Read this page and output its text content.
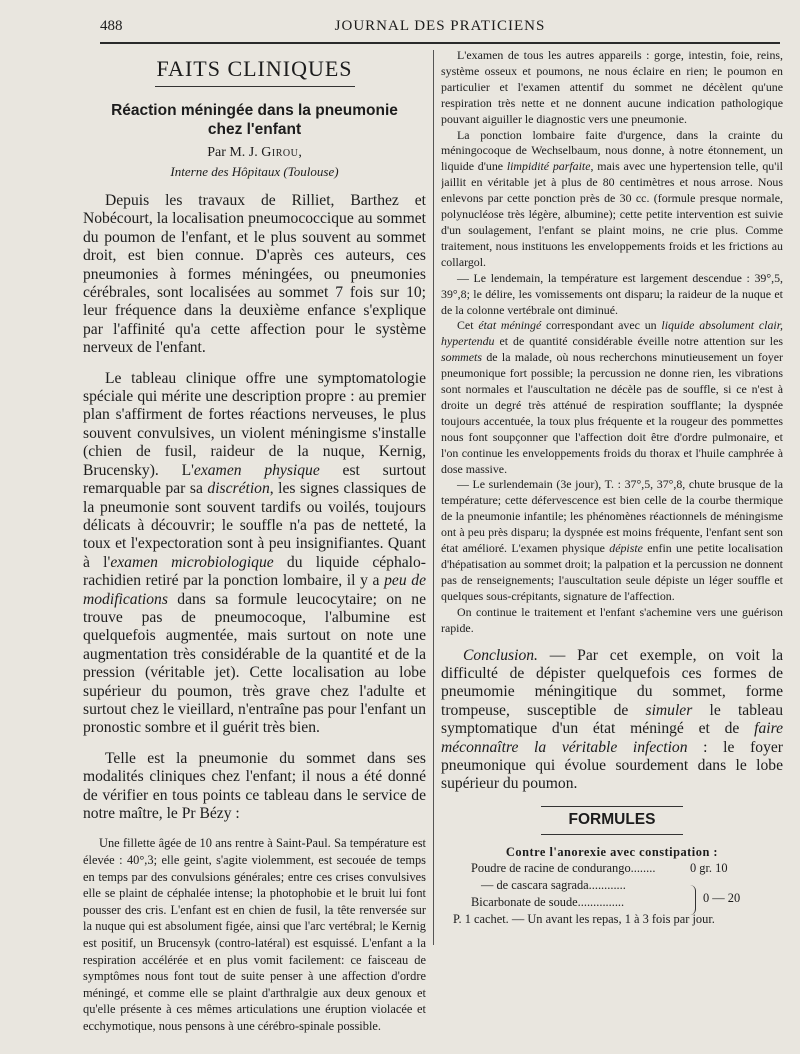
488	JOURNAL DES PRATICIENS
FAITS CLINIQUES
Réaction méningée dans la pneumonie
chez l'enfant
Par M. J. Girou,
Interne des Hôpitaux (Toulouse)

Depuis les travaux de Rilliet, Barthez et Nobécourt, la localisation pneumococcique au sommet du poumon de l'enfant, et le plus souvent au sommet droit, est bien connue. D'après ces auteurs, ces pneumonies à formes méningées, ou pneumonies cérébrales, sont localisées au sommet 7 fois sur 10; leur fréquence dans la deuxième enfance s'explique par l'affinité qu'a cette affection pour le système nerveux de l'enfant.

Le tableau clinique offre une symptomatologie spéciale qui mérite une description propre : au premier plan s'affirment de fortes réactions nerveuses, le plus souvent convulsives, un violent méningisme s'installe (chien de fusil, raideur de la nuque, Kernig, Brucensky). L'examen physique est surtout remarquable par sa discrétion, les signes classiques de la pneumonie sont souvent tardifs ou voilés, toujours délicats à découvrir; le souffle n'a pas de netteté, la toux et l'expectoration sont à peu insignifiantes. Quant à l'examen microbiologique du liquide céphalo-rachidien retiré par la ponction lombaire, il y a peu de modifications dans sa formule leucocytaire; on ne trouve pas de pneumocoque, l'albumine est quelquefois augmentée, mais surtout on note une augmentation très considérable de la quantité et de la pression (véritable jet). Cette localisation au lobe supérieur du poumon, très grave chez l'adulte et surtout chez le vieillard, n'entraîne pas pour l'enfant un pronostic sombre et il guérit très bien.

Telle est la pneumonie du sommet dans ses modalités cliniques chez l'enfant; il nous a été donné de vérifier en tous points ce tableau dans le service de notre maître, le Pr Bézy :

Une fillette âgée de 10 ans rentre à Saint-Paul. Sa température est élevée : 40°,3; elle geint, s'agite violemment, est secouée de temps en temps par des convulsions générales; entre ces crises convulsives elle se plaint de céphalée intense; la photophobie et le bruit lui font pousser des cris. L'enfant est en chien de fusil, la tête renversée sur la nuque qui est absolument figée, ainsi que l'arc vertébral; le Kernig est positif, un Brucensyk (contro-latéral) est esquissé. L'enfant a la respiration accélérée et en plus vomit facilement: ce faisceau de symptômes nous font tout de suite penser à une affection d'ordre méningé, et comme elle se plaint d'arthralgie aux deux genoux et qu'elle présente à ces mêmes articulations une éruption violacée et ecchymotique, nous pensons à une cérébro-spinale possible.

L'examen de tous les autres appareils : gorge, intestin, foie, reins, système osseux et poumons, ne nous éclaire en rien; le poumon en particulier et l'examen attentif du sommet ne décèlent qu'une respiration très nette et ne donnent aucune indication pathologique pouvant aiguiller le diagnostic vers une pneumonie.

La ponction lombaire faite d'urgence, dans la crainte du méningocoque de Wechselbaum, nous donne, à notre étonnement, un liquide d'une limpidité parfaite, mais avec une hypertension telle, qu'il jaillit en véritable jet à plus de 80 centimètres et nous arrose. Nous enlevons par cette ponction près de 30 cc. (formule presque normale, polynucléose très légère, albumine); cette petite intervention est suivie d'un soulagement, l'enfant se plaint moins, ne crie plus. Comme traitement, nous instituons les enveloppements froids et les frictions au collargol.

— Le lendemain, la température est largement descendue : 39°,5, 39°,8; le délire, les vomissements ont disparu; la raideur de la nuque et de la colonne vertébrale ont diminué.

Cet état méningé correspondant avec un liquide absolument clair, hypertendu et de quantité considérable éveille notre attention sur les sommets de la malade, où nous recherchons minutieusement un foyer pneumonique fort possible; la percussion ne donne rien, les vibrations sont normales et l'auscultation ne décèle pas de souffle, si ce n'est à droite un degré très atténué de respiration soufflante; la dyspnée toujours accentuée, la toux plus fréquente et la rougeur des pommettes nous font soupçonner que l'affection doit être d'ordre pulmonaire, et l'on continue les enveloppements froids du thorax et l'huile camphrée à dose massive.

— Le surlendemain (3e jour), T. : 37°,5, 37°,8, chute brusque de la température; cette défervescence est bien celle de la courbe thermique de la pneumonie infantile; les phénomènes réactionnels de méningisme ont à peu près disparu; la dyspnée est moins fréquente, l'enfant sent son état amélioré. L'examen physique dépiste enfin une petite localisation d'hépatisation au sommet droit; la palpation et la percussion ne donnent pas de renseignements; l'auscultation seule dépiste un léger souffle et quelques sous-crépitants, signature de l'affection.

On continue le traitement et l'enfant s'achemine vers une guérison rapide.

Conclusion. — Par cet exemple, on voit la difficulté de dépister quelquefois ces formes de pneumomie méningitique du sommet, forme trompeuse, susceptible de simuler le tableau symptomatique d'un état méningé et de faire méconnaître la véritable infection : le foyer pneumonique qui évolue sourdement dans le lobe supérieur du poumon.

FORMULES
Contre l'anorexie avec constipation :
Poudre de racine de condurango........	0 gr. 10
— de cascara sagrada............
Bicarbonate de soude...............	0 — 20
P. 1 cachet. — Un avant les repas, 1 à 3 fois par jour.
